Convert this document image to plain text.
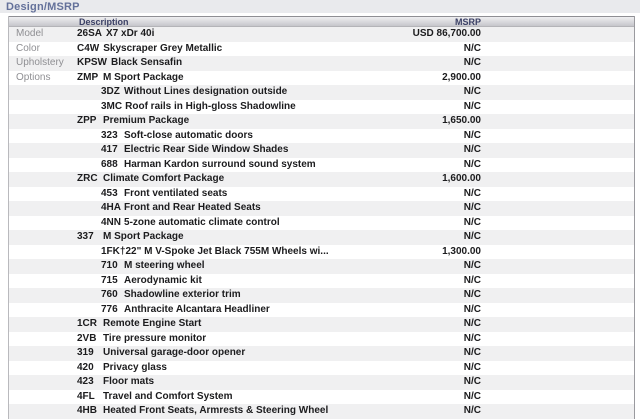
Design/MSRP
Description	MSRP
Model	26SA X7 xDr 40i	USD 86,700.00
Color	C4W Skyscraper Grey Metallic	N/C
Upholstery KPSW Black Sensafin	N/C
Options	ZMP M Sport Package	2,900.00
3DZ Without Lines designation outside	N/C
3MC Roof rails in High-gloss Shadowline	N/C
ZPP Premium Package	1,650.00
323 Soft-close automatic doors	N/C
417 Electric Rear Side Window Shades	N/C
688 Harman Kardon surround sound system	N/C
ZRC Climate Comfort Package	1,600.00
453 Front ventilated seats	N/C
4HA Front and Rear Heated Seats	N/C
4NN 5-zone automatic climate control	N/C
337 M Sport Package	N/C
1FK†22" M V-Spoke Jet Black 755M Wheels wi...	1,300.00
710 M steering wheel	N/C
715 Aerodynamic kit	N/C
760 Shadowline exterior trim	N/C
776 Anthracite Alcantara Headliner	N/C
1CR Remote Engine Start	N/C
2VB Tire pressure monitor	N/C
319 Universal garage-door opener	N/C
420 Privacy glass	N/C
423 Floor mats	N/C
4FL Travel and Comfort System	N/C
4HB Heated Front Seats, Armrests & Steering Wheel	N/C
